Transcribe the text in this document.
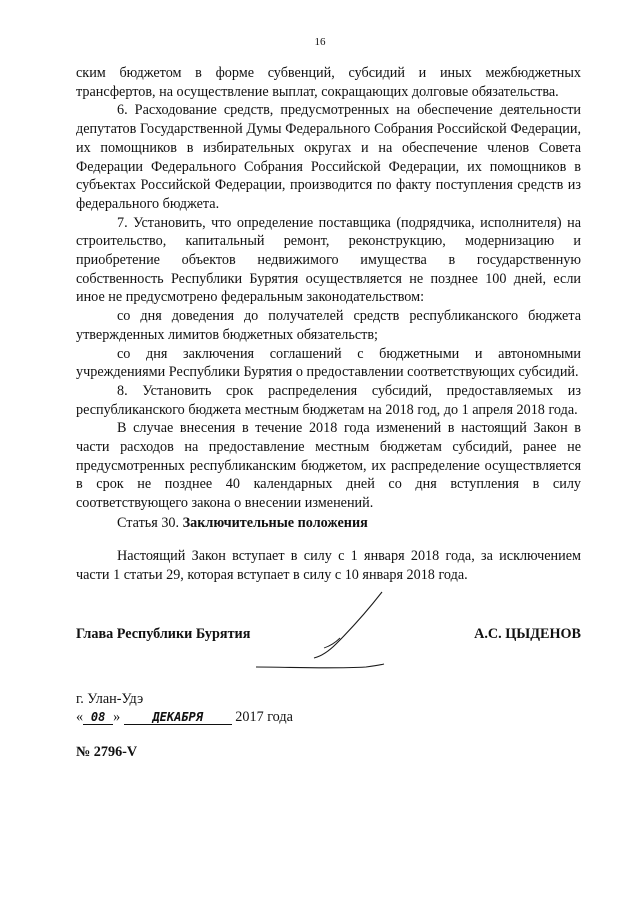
16

ским бюджетом в форме субвенций, субсидий и иных межбюджетных трансфертов, на осуществление выплат, сокращающих долговые обязательства.

6. Расходование средств, предусмотренных на обеспечение деятельности депутатов Государственной Думы Федерального Собрания Российской Федерации, их помощников в избирательных округах и на обеспечение членов Совета Федерации Федерального Собрания Российской Федерации, их помощников в субъектах Российской Федерации, производится по факту поступления средств из федерального бюджета.

7. Установить, что определение поставщика (подрядчика, исполнителя) на строительство, капитальный ремонт, реконструкцию, модернизацию и приобретение объектов недвижимого имущества в государственную собственность Республики Бурятия осуществляется не позднее 100 дней, если иное не предусмотрено федеральным законодательством:

со дня доведения до получателей средств республиканского бюджета утвержденных лимитов бюджетных обязательств;

со дня заключения соглашений с бюджетными и автономными учреждениями Республики Бурятия о предоставлении соответствующих субсидий.

8. Установить срок распределения субсидий, предоставляемых из республиканского бюджета местным бюджетам на 2018 год, до 1 апреля 2018 года.

В случае внесения в течение 2018 года изменений в настоящий Закон в части расходов на предоставление местным бюджетам субсидий, ранее не предусмотренных республиканским бюджетом, их распределение осуществляется в срок не позднее 40 календарных дней со дня вступления в силу соответствующего закона о внесении изменений.

Статья 30. Заключительные положения

Настоящий Закон вступает в силу с 1 января 2018 года, за исключением части 1 статьи 29, которая вступает в силу с 10 января 2018 года.

Глава Республики Бурятия	А.С. ЦЫДЕНОВ
г. Улан-Удэ
« 08 »	ДЕКАБРЯ 2017 года
№ 2796-V
